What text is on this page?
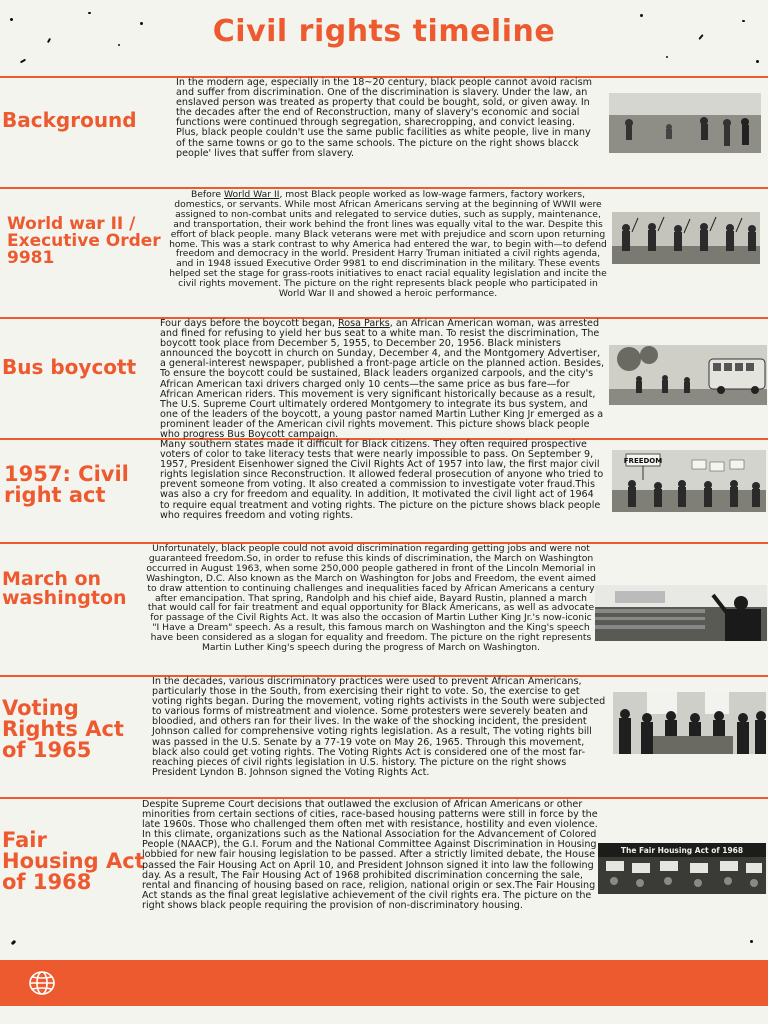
Civil rights timeline
Background
In the modern age, especially in the 18~20 century, black people cannot avoid racism and suffer from discrimination. One of the discrimination is slavery. Under the law, an enslaved person was treated as property that could be bought, sold, or given away. In the decades after the end of Reconstruction, many of slavery's economic and social functions were continued through segregation, sharecropping, and convict leasing. Plus, black people couldn't use the same public facilities as white people, live in many of the same towns or go to the same schools. The picture on the right shows blacck people' lives that suffer from slavery.
World war II / Executive Order 9981
Before World War II, most Black people worked as low-wage farmers, factory workers, domestics, or servants. While most African Americans serving at the beginning of WWII were assigned to non-combat units and relegated to service duties, such as supply, maintenance, and transportation, their work behind the front lines was equally vital to the war. Despite this effort of black people. many Black veterans were met with prejudice and scorn upon returning home. This was a stark contrast to why America had entered the war, to begin with—to defend freedom and democracy in the world. President Harry Truman initiated a civil rights agenda, and in 1948 issued Executive Order 9981 to end discrimination in the military. These events helped set the stage for grass-roots initiatives to enact racial equality legislation and incite the civil rights movement. The picture on the right represents black people who participated in World War II and showed a heroic performance.
Bus boycott
Four days before the boycott began, Rosa Parks, an African American woman, was arrested and fined for refusing to yield her bus seat to a white man. To resist the discrimination, The boycott took place from December 5, 1955, to December 20, 1956. Black ministers announced the boycott in church on Sunday, December 4, and the Montgomery Advertiser, a general-interest newspaper, published a front-page article on the planned action. Besides, To ensure the boycott could be sustained, Black leaders organized carpools, and the city's African American taxi drivers charged only 10 cents—the same price as bus fare—for African American riders. This movement is very significant historically because as a result, The U.S. Supreme Court ultimately ordered Montgomery to integrate its bus system, and one of the leaders of the boycott, a young pastor named Martin Luther King Jr emerged as a prominent leader of the American civil rights movement. This picture shows black people who progress Bus Boycott campaign.
1957: Civil right act
Many southern states made it difficult for Black citizens. They often required prospective voters of color to take literacy tests that were nearly impossible to pass. On September 9, 1957, President Eisenhower signed the Civil Rights Act of 1957 into law, the first major civil rights legislation since Reconstruction. It allowed federal prosecution of anyone who tried to prevent someone from voting. It also created a commission to investigate voter fraud.This was also a cry for freedom and equality. In addition, It motivated the civil light act of 1964 to require equal treatment and voting rights. The picture on the picture shows black people who requires freedom and voting rights.
FREEDOM
March on washington
Unfortunately, black people could not avoid discrimination regarding getting jobs and were not guaranteed freedom.So, in order to refuse this kinds of discrimination, the March on Washington occurred in August 1963, when some 250,000 people gathered in front of the Lincoln Memorial in Washington, D.C. Also known as the March on Washington for Jobs and Freedom, the event aimed to draw attention to continuing challenges and inequalities faced by African Americans a century after emancipation. That spring, Randolph and his chief aide, Bayard Rustin, planned a march that would call for fair treatment and equal opportunity for Black Americans, as well as advocate for passage of the Civil Rights Act. It was also the occasion of Martin Luther King Jr.'s now-iconic "I Have a Dream" speech. As a result, this famous march on Washington and the King's speech have been considered as a slogan for equality and freedom. The picture on the right represents Martin Luther King's speech during the progress of March on Washington.
Voting Rights Act of 1965
In the decades, various discriminatory practices were used to prevent African Americans, particularly those in the South, from exercising their right to vote. So, the exercise to get voting rights began. During the movement, voting rights activists in the South were subjected to various forms of mistreatment and violence. Some protesters were severely beaten and bloodied, and others ran for their lives. In the wake of the shocking incident, the president Johnson called for comprehensive voting rights legislation. As a result, The voting rights bill was passed in the U.S. Senate by a 77-19 vote on May 26, 1965. Through this movement, black also could get voting rights. The Voting Rights Act is considered one of the most far-reaching pieces of civil rights legislation in U.S. history. The picture on the right shows President Lyndon B. Johnson signed the Voting Rights Act.
Fair Housing Act of 1968
Despite Supreme Court decisions that outlawed the exclusion of African Americans or other minorities from certain sections of cities, race-based housing patterns were still in force by the late 1960s. Those who challenged them often met with resistance, hostility and even violence. In this climate, organizations such as the National Association for the Advancement of Colored People (NAACP), the G.I. Forum and the National Committee Against Discrimination in Housing lobbied for new fair housing legislation to be passed. After a strictly limited debate, the House passed the Fair Housing Act on April 10, and President Johnson signed it into law the following day. As a result, The Fair Housing Act of 1968 prohibited discrimination concerning the sale, rental and financing of housing based on race, religion, national origin or sex.The Fair Housing Act stands as the final great legislative achievement of the civil rights era. The picture on the right shows black people requiring the provision of non-discriminatory housing.
The Fair Housing Act of 1968
